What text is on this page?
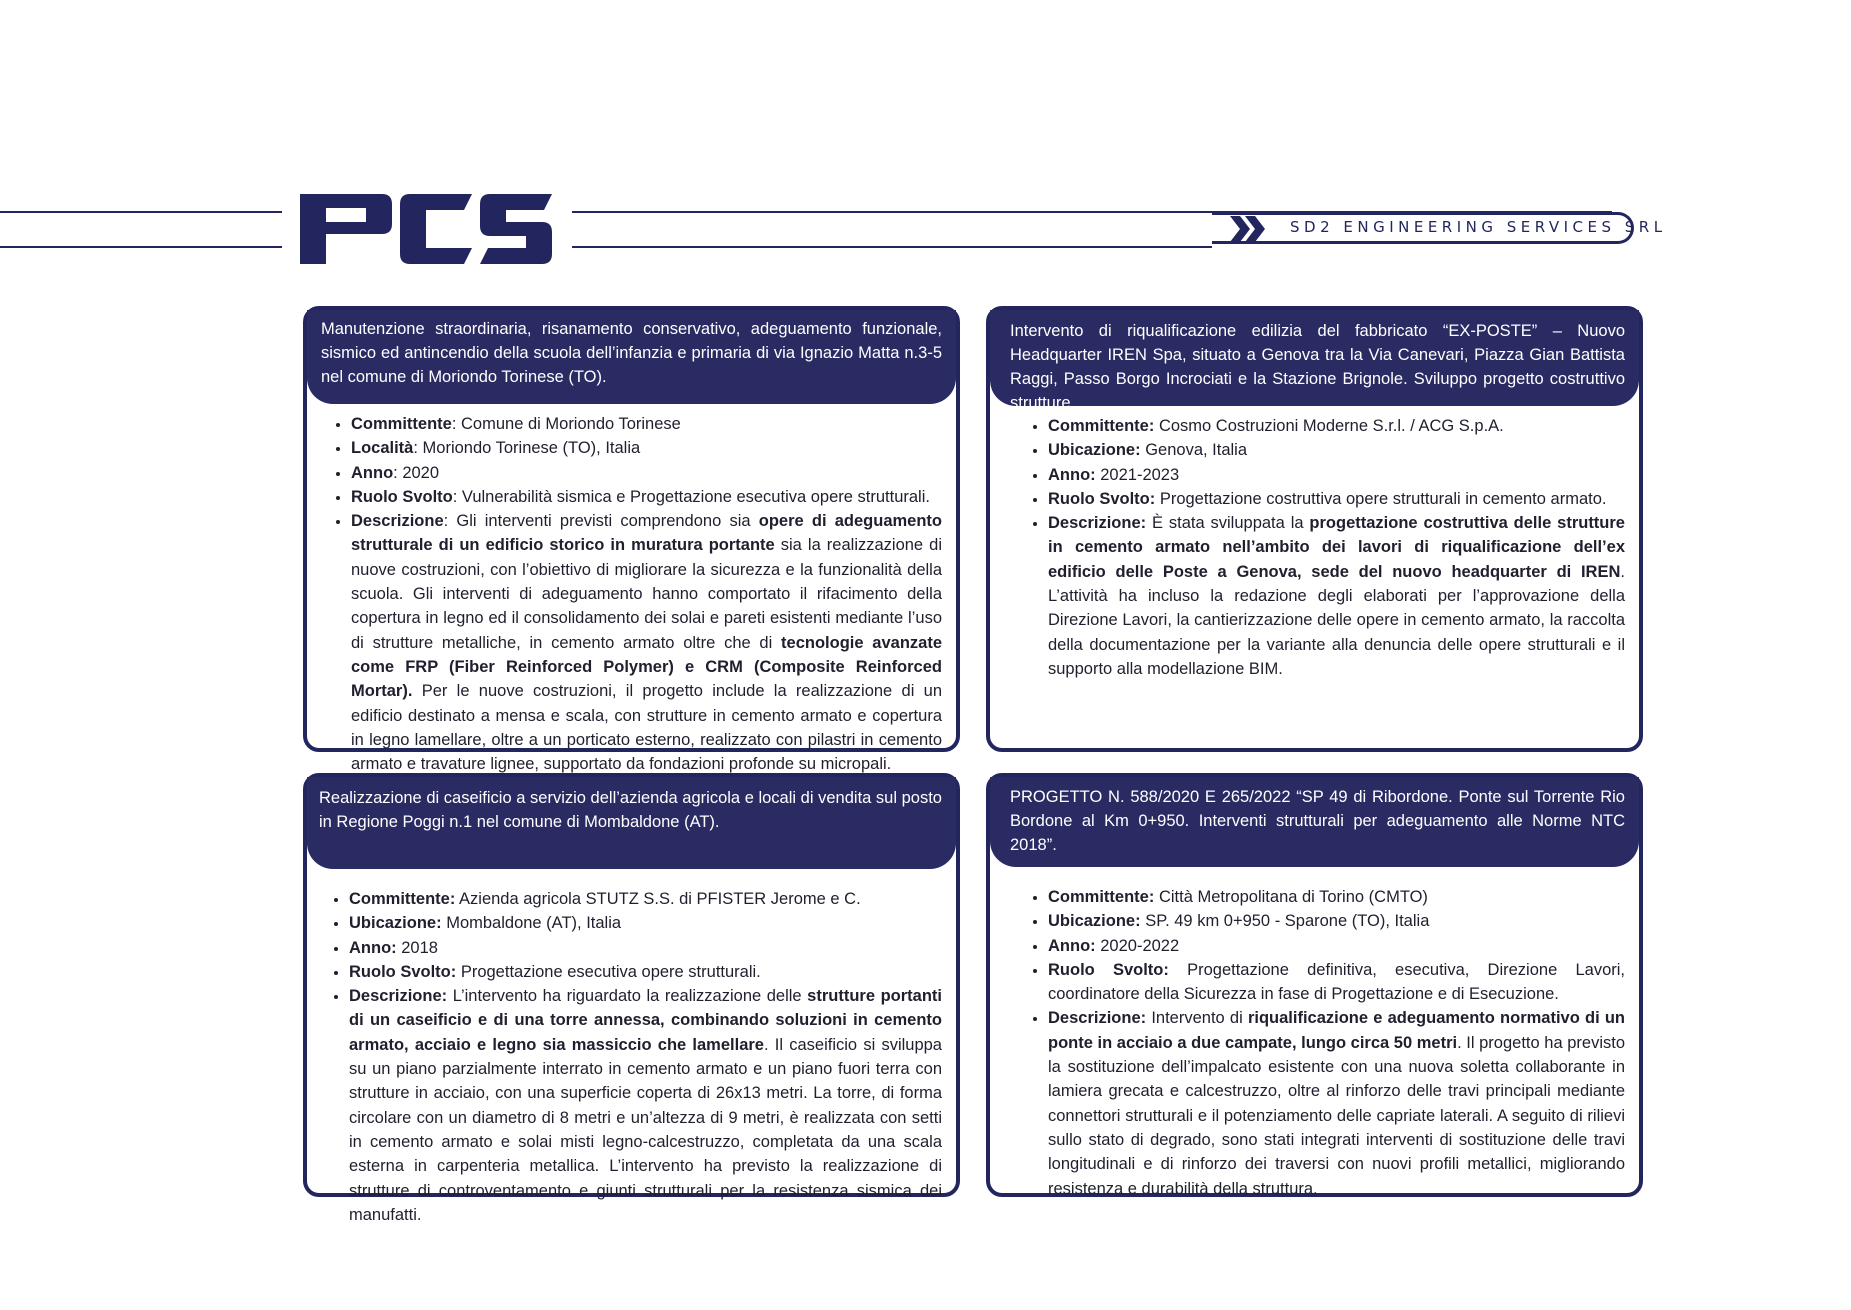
SD2 ENGINEERING SERVICES SRL
Manutenzione straordinaria, risanamento conservativo, adeguamento funzionale, sismico ed antincendio della scuola dell’infanzia e primaria di via Ignazio Matta n.3-5 nel comune di Moriondo Torinese (TO).
• Committente: Comune di Moriondo Torinese
• Località: Moriondo Torinese (TO), Italia
• Anno: 2020
• Ruolo Svolto: Vulnerabilità sismica e Progettazione esecutiva opere strutturali.
• Descrizione: Gli interventi previsti comprendono sia opere di adeguamento strutturale di un edificio storico in muratura portante sia la realizzazione di nuove costruzioni, con l’obiettivo di migliorare la sicurezza e la funzionalità della scuola. Gli interventi di adeguamento hanno comportato il rifacimento della copertura in legno ed il consolidamento dei solai e pareti esistenti mediante l’uso di strutture metalliche, in cemento armato oltre che di tecnologie avanzate come FRP (Fiber Reinforced Polymer) e CRM (Composite Reinforced Mortar). Per le nuove costruzioni, il progetto include la realizzazione di un edificio destinato a mensa e scala, con strutture in cemento armato e copertura in legno lamellare, oltre a un porticato esterno, realizzato con pilastri in cemento armato e travature lignee, supportato da fondazioni profonde su micropali.
Intervento di riqualificazione edilizia del fabbricato “EX-POSTE” – Nuovo Headquarter IREN Spa, situato a Genova tra la Via Canevari, Piazza Gian Battista Raggi, Passo Borgo Incrociati e la Stazione Brignole. Sviluppo progetto costruttivo strutture.
• Committente: Cosmo Costruzioni Moderne S.r.l. / ACG S.p.A.
• Ubicazione: Genova, Italia
• Anno: 2021-2023
• Ruolo Svolto: Progettazione costruttiva opere strutturali in cemento armato.
• Descrizione: È stata sviluppata la progettazione costruttiva delle strutture in cemento armato nell’ambito dei lavori di riqualificazione dell’ex edificio delle Poste a Genova, sede del nuovo headquarter di IREN. L’attività ha incluso la redazione degli elaborati per l’approvazione della Direzione Lavori, la cantierizzazione delle opere in cemento armato, la raccolta della documentazione per la variante alla denuncia delle opere strutturali e il supporto alla modellazione BIM.
Realizzazione di caseificio a servizio dell’azienda agricola e locali di vendita sul posto in Regione Poggi n.1 nel comune di Mombaldone (AT).
• Committente: Azienda agricola STUTZ S.S. di PFISTER Jerome e C.
• Ubicazione: Mombaldone (AT), Italia
• Anno: 2018
• Ruolo Svolto: Progettazione esecutiva opere strutturali.
• Descrizione: L’intervento ha riguardato la realizzazione delle strutture portanti di un caseificio e di una torre annessa, combinando soluzioni in cemento armato, acciaio e legno sia massiccio che lamellare. Il caseificio si sviluppa su un piano parzialmente interrato in cemento armato e un piano fuori terra con strutture in acciaio, con una superficie coperta di 26x13 metri. La torre, di forma circolare con un diametro di 8 metri e un’altezza di 9 metri, è realizzata con setti in cemento armato e solai misti legno-calcestruzzo, completata da una scala esterna in carpenteria metallica. L’intervento ha previsto la realizzazione di strutture di controventamento e giunti strutturali per la resistenza sismica dei manufatti.
PROGETTO N. 588/2020 E 265/2022 “SP 49 di Ribordone. Ponte sul Torrente Rio Bordone al Km 0+950. Interventi strutturali per adeguamento alle Norme NTC 2018”.
• Committente: Città Metropolitana di Torino (CMTO)
• Ubicazione: SP. 49 km 0+950 - Sparone (TO), Italia
• Anno: 2020-2022
• Ruolo Svolto: Progettazione definitiva, esecutiva, Direzione Lavori, coordinatore della Sicurezza in fase di Progettazione e di Esecuzione.
• Descrizione: Intervento di riqualificazione e adeguamento normativo di un ponte in acciaio a due campate, lungo circa 50 metri. Il progetto ha previsto la sostituzione dell’impalcato esistente con una nuova soletta collaborante in lamiera grecata e calcestruzzo, oltre al rinforzo delle travi principali mediante connettori strutturali e il potenziamento delle capriate laterali. A seguito di rilievi sullo stato di degrado, sono stati integrati interventi di sostituzione delle travi longitudinali e di rinforzo dei traversi con nuovi profili metallici, migliorando resistenza e durabilità della struttura.
